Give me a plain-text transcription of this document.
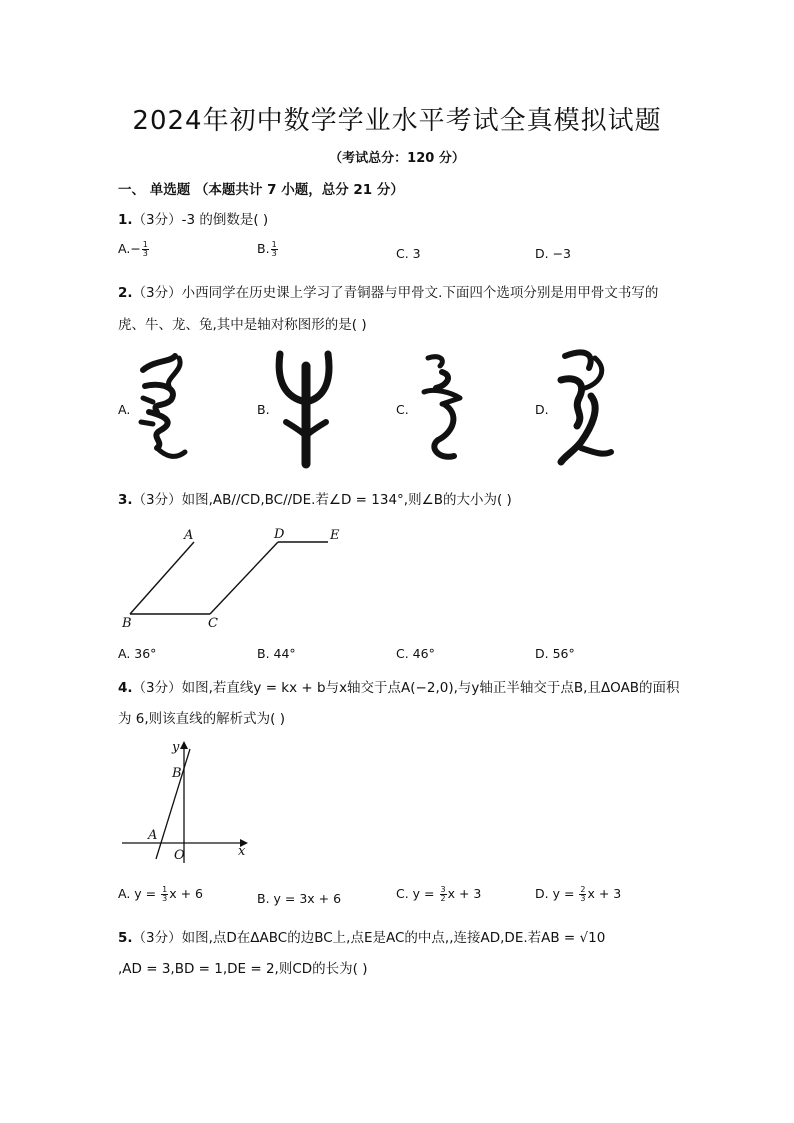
2024年初中数学学业水平考试全真模拟试题
（考试总分：120 分）
一、 单选题 （本题共计 7 小题，总分 21 分）
1.（3分）-3 的倒数是( )
$A.- \frac{1}{3}$	B. $\frac{1}{3}$	C. 3	D. −3
2.（3分）小西同学在历史课上学习了青铜器与甲骨文.下面四个选项分别是用甲骨文书写的
虎、牛、龙、兔,其中是轴对称图形的是( )
A.	B.	C.	D.
3.（3分）如图,AB//CD,BC//DE.若∠D = 134°,则∠B的大小为( )
A	D	E
B	C
A. 36°	B. 44°	C. 46°	D. 56°
4.（3分）如图,若直线y = kx + b与x轴交于点A(−2,0),与y轴正半轴交于点B,且ΔOAB的面积
为 6,则该直线的解析式为( )
y
B
A
O	x
A. $y = \frac{1}{3}$ x + 6	B. y = 3x + 6	C. $y = \frac{3}{2}$ x + 3	D. $y = \frac{2}{3}$ x + 3
5.（3分）如图,点D在ΔABC的边BC上,点E是AC的中点,,连接AD,DE.若AB = √10
,AD = 3,BD = 1,DE = 2,则CD的长为( )
